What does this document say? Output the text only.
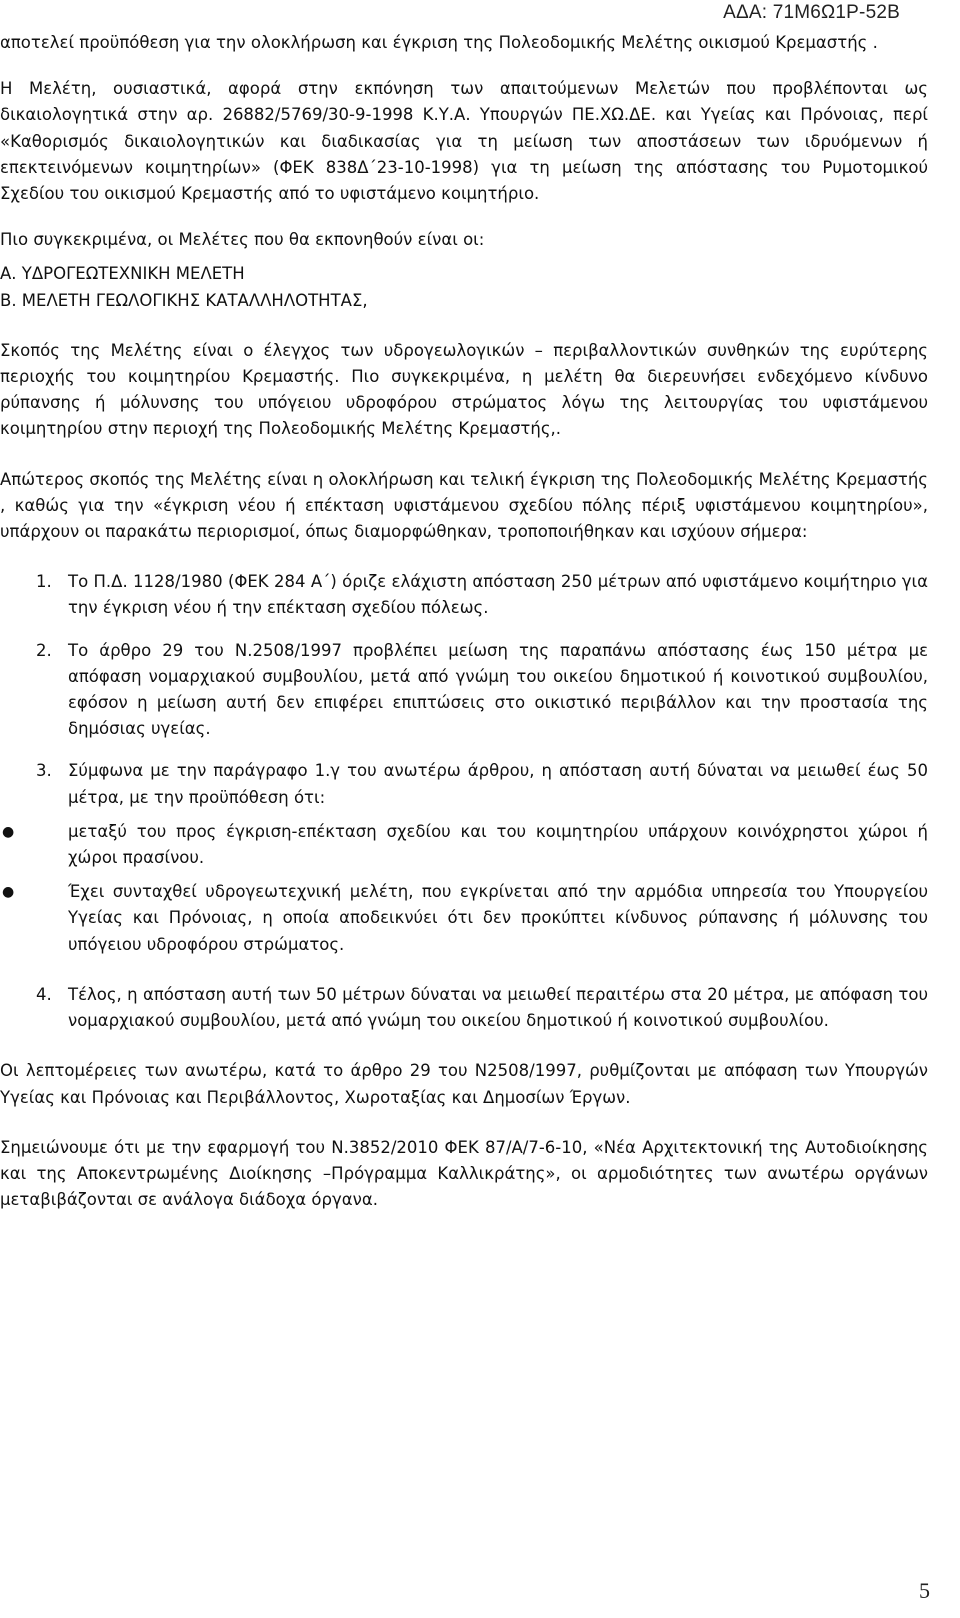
ΑΔΑ: 71Μ6Ω1Ρ-52Β

αποτελεί προϋπόθεση για την ολοκλήρωση και έγκριση της Πολεοδομικής Μελέτης οικισμού Κρεμαστής .

Η Μελέτη, ουσιαστικά, αφορά στην εκπόνηση των απαιτούμενων Μελετών που προβλέπονται ως δικαιολογητικά στην αρ. 26882/5769/30-9-1998 Κ.Υ.Α. Υπουργών ΠΕ.ΧΩ.ΔΕ. και Υγείας και Πρόνοιας, περί «Καθορισμός δικαιολογητικών και διαδικασίας για τη μείωση των αποστάσεων των ιδρυόμενων ή επεκτεινόμενων κοιμητηρίων» (ΦΕΚ 838Δ΄23-10-1998) για τη μείωση της απόστασης του Ρυμοτομικού Σχεδίου του οικισμού Κρεμαστής από το υφιστάμενο κοιμητήριο.

Πιο συγκεκριμένα, οι Μελέτες που θα εκπονηθούν είναι οι:

Α. ΥΔΡΟΓΕΩΤΕΧΝΙΚΗ ΜΕΛΕΤΗ

Β. ΜΕΛΕΤΗ ΓΕΩΛΟΓΙΚΗΣ ΚΑΤΑΛΛΗΛΟΤΗΤΑΣ,

Σκοπός της Μελέτης είναι ο έλεγχος των υδρογεωλογικών – περιβαλλοντικών συνθηκών της ευρύτερης περιοχής του κοιμητηρίου Κρεμαστής. Πιο συγκεκριμένα, η μελέτη θα διερευνήσει ενδεχόμενο κίνδυνο ρύπανσης ή μόλυνσης του υπόγειου υδροφόρου στρώματος λόγω της λειτουργίας του υφιστάμενου κοιμητηρίου στην περιοχή της Πολεοδομικής Μελέτης Κρεμαστής,.

Απώτερος σκοπός της Μελέτης είναι η ολοκλήρωση και τελική έγκριση της Πολεοδομικής Μελέτης Κρεμαστής , καθώς για την «έγκριση νέου ή επέκταση υφιστάμενου σχεδίου πόλης πέριξ υφιστάμενου κοιμητηρίου», υπάρχουν οι παρακάτω περιορισμοί, όπως διαμορφώθηκαν, τροποποιήθηκαν και ισχύουν σήμερα:

1. Το Π.Δ. 1128/1980 (ΦΕΚ 284 Α΄) όριζε ελάχιστη απόσταση 250 μέτρων από υφιστάμενο κοιμήτηριο για την έγκριση νέου ή την επέκταση σχεδίου πόλεως.
2. Το άρθρο 29 του Ν.2508/1997 προβλέπει μείωση της παραπάνω απόστασης έως 150 μέτρα με απόφαση νομαρχιακού συμβουλίου, μετά από γνώμη του οικείου δημοτικού ή κοινοτικού συμβουλίου, εφόσον η μείωση αυτή δεν επιφέρει επιπτώσεις στο οικιστικό περιβάλλον και την προστασία της δημόσιας υγείας.
3. Σύμφωνα με την παράγραφο 1.γ του ανωτέρω άρθρου, η απόσταση αυτή δύναται να μειωθεί έως 50 μέτρα, με την προϋπόθεση ότι:
●	μεταξύ του προς έγκριση-επέκταση σχεδίου και του κοιμητηρίου υπάρχουν κοινόχρηστοι χώροι ή χώροι πρασίνου.
●	Έχει συνταχθεί υδρογεωτεχνική μελέτη, που εγκρίνεται από την αρμόδια υπηρεσία του Υπουργείου Υγείας και Πρόνοιας, η οποία αποδεικνύει ότι δεν προκύπτει κίνδυνος ρύπανσης ή μόλυνσης του υπόγειου υδροφόρου στρώματος.
4. Τέλος, η απόσταση αυτή των 50 μέτρων δύναται να μειωθεί περαιτέρω στα 20 μέτρα, με απόφαση του νομαρχιακού συμβουλίου, μετά από γνώμη του οικείου δημοτικού ή κοινοτικού συμβουλίου.

Οι λεπτομέρειες των ανωτέρω, κατά το άρθρο 29 του Ν2508/1997, ρυθμίζονται με απόφαση των Υπουργών Υγείας και Πρόνοιας και Περιβάλλοντος, Χωροταξίας και Δημοσίων Έργων.

Σημειώνουμε ότι με την εφαρμογή του Ν.3852/2010 ΦΕΚ 87/Α/7-6-10, «Νέα Αρχιτεκτονική της Αυτοδιοίκησης και της Αποκεντρωμένης Διοίκησης –Πρόγραμμα Καλλικράτης», οι αρμοδιότητες των ανωτέρω οργάνων μεταβιβάζονται σε ανάλογα διάδοχα όργανα.

5
